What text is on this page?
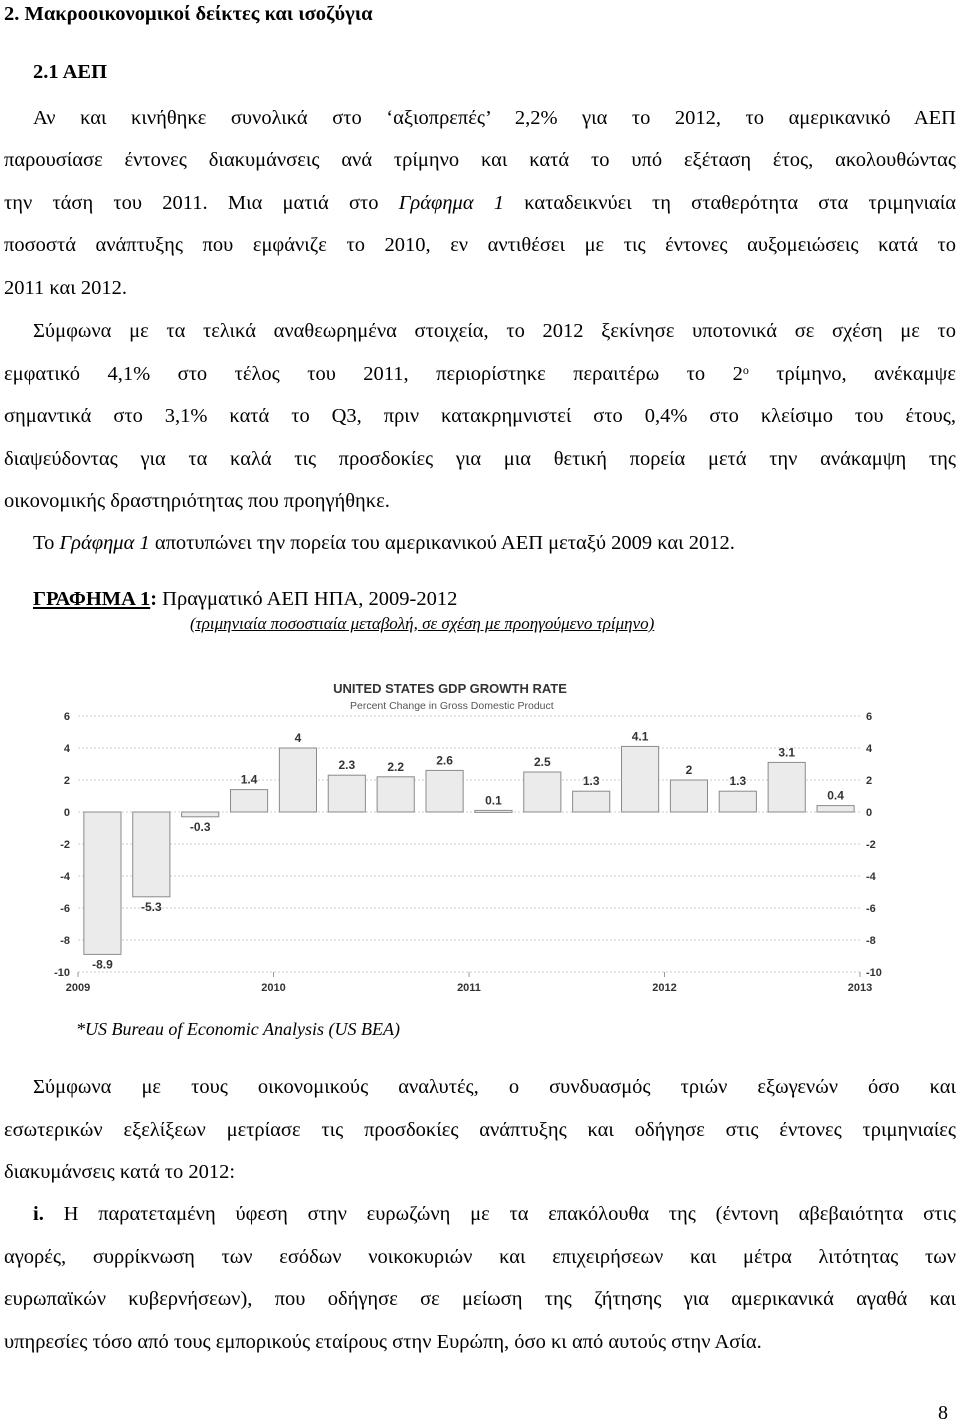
2. Μακροοικονομικοί δείκτες και ισοζύγια
2.1 ΑΕΠ
Αν και κινήθηκε συνολικά στο ‘αξιοπρεπές’ 2,2% για το 2012, το αμερικανικό ΑΕΠ
παρουσίασε έντονες διακυμάνσεις ανά τρίμηνο και κατά το υπό εξέταση έτος, ακολουθώντας
την τάση του 2011. Μια ματιά στο Γράφημα 1 καταδεικνύει τη σταθερότητα στα τριμηνιαία
ποσοστά ανάπτυξης που εμφάνιζε το 2010, εν αντιθέσει με τις έντονες αυξομειώσεις κατά το
2011 και 2012.
Σύμφωνα με τα τελικά αναθεωρημένα στοιχεία, το 2012 ξεκίνησε υποτονικά σε σχέση με το
εμφατικό 4,1% στο τέλος του 2011, περιορίστηκε περαιτέρω το $2^o$ τρίμηνο, ανέκαμψε
σημαντικά στο 3,1% κατά το Q3, πριν κατακρημνιστεί στο 0,4% στο κλείσιμο του έτους,
διαψεύδοντας για τα καλά τις προσδοκίες για μια θετική πορεία μετά την ανάκαμψη της
οικονομικής δραστηριότητας που προηγήθηκε.
Το Γράφημα 1 αποτυπώνει την πορεία του αμερικανικού ΑΕΠ μεταξύ 2009 και 2012.
ΓΡΑΦΗΜΑ 1: Πραγματικό ΑΕΠ ΗΠΑ, 2009-2012
(τριμηνιαία ποσοστιαία μεταβολή, σε σχέση με προηγούμενο τρίμηνο)
UNITED STATES GDP GROWTH RATE
Percent Change in Gross Domestic Product
-8.9
-5.3
-0.3
1.4
4
2.3	2.2	2.6
0.1
2.5
1.3
4.1
2
1.3
3.1
0.4
6	6
4	4
2	2
0	0
-2	-2
-4	-4
-6	-6
-8	-8
-10	-10
2009	2010	2011	2012	2013
*US Bureau of Economic Analysis (US BEA)
Σύμφωνα με τους οικονομικούς αναλυτές, ο συνδυασμός τριών εξωγενών όσο και
εσωτερικών εξελίξεων μετρίασε τις προσδοκίες ανάπτυξης και οδήγησε στις έντονες τριμηνιαίες
διακυμάνσεις κατά το 2012:
i. Η παρατεταμένη ύφεση στην ευρωζώνη με τα επακόλουθα της (έντονη αβεβαιότητα στις
αγορές, συρρίκνωση των εσόδων νοικοκυριών και επιχειρήσεων και μέτρα λιτότητας των
ευρωπαϊκών κυβερνήσεων), που οδήγησε σε μείωση της ζήτησης για αμερικανικά αγαθά και
υπηρεσίες τόσο από τους εμπορικούς εταίρους στην Ευρώπη, όσο κι από αυτούς στην Ασία.
8
